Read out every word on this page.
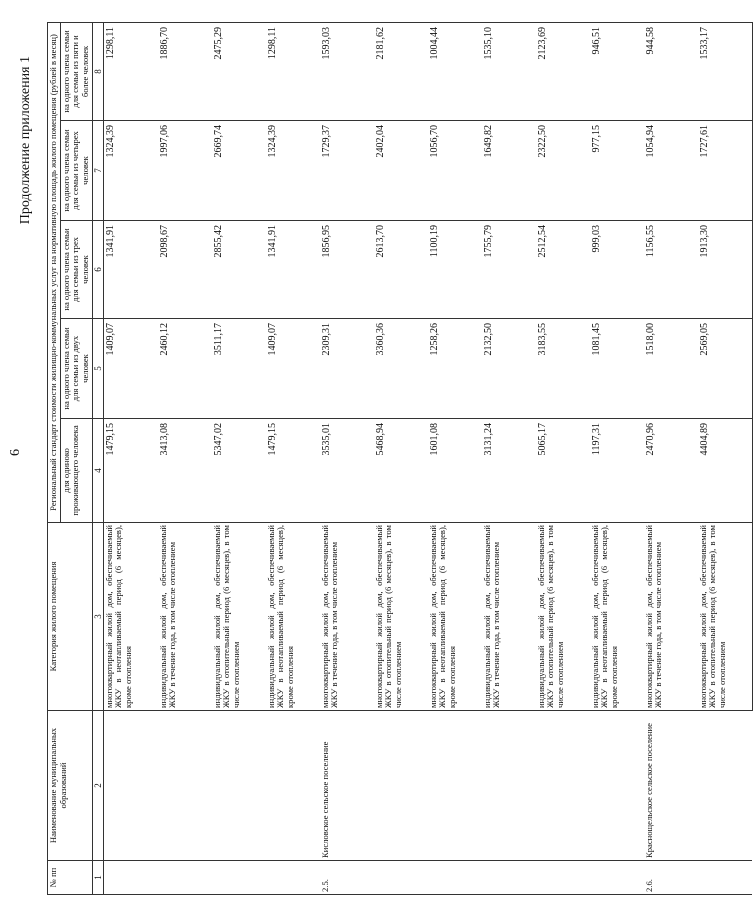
6
Продолжение приложения 1
№ пп	Наименование муниципальных образований	Категория жилого помещения	Региональный стандарт стоимости жилищно-коммунальных услуг на нормативную площадь жилого помещения (рублей в месяц)				
			для одиноко проживающего человека	на одного члена семьи для семьи из двух человек	на одного члена семьи для семьи из трех человек	на одного члена семьи для семьи из четырех человек	на одного члена семьи для семьи из пяти и более человек
1	2	3	4	5	6	7	8
		многоквартирный жилой дом, обеспечиваемый ЖКУ в неотапливаемый период (6 месяцев), кроме отопления	1479,15	1409,07	1341,91	1324,39	1298,11
		индивидуальный жилой дом, обеспечиваемый ЖКУ в течение года, в том числе отоплением	3413,08	2460,12	2098,67	1997,06	1886,70
		индивидуальный жилой дом, обеспечиваемый ЖКУ в отопительный период (6 месяцев), в том числе отоплением	5347,02	3511,17	2855,42	2669,74	2475,29
		индивидуальный жилой дом, обеспечиваемый ЖКУ в неотапливаемый период (6 месяцев), кроме отопления	1479,15	1409,07	1341,91	1324,39	1298,11
2.5.	Кисловское сельское поселение	многоквартирный жилой дом, обеспечиваемый ЖКУ в течение года, в том числе отоплением	3535,01	2309,31	1856,95	1729,37	1593,03
		многоквартирный жилой дом, обеспечиваемый ЖКУ в отопительный период (6 месяцев), в том числе отоплением	5468,94	3360,36	2613,70	2402,04	2181,62
		многоквартирный жилой дом, обеспечиваемый ЖКУ в неотапливаемый период (6 месяцев), кроме отопления	1601,08	1258,26	1100,19	1056,70	1004,44
		индивидуальный жилой дом, обеспечиваемый ЖКУ в течение года, в том числе отоплением	3131,24	2132,50	1755,79	1649,82	1535,10
		индивидуальный жилой дом, обеспечиваемый ЖКУ в отопительный период (6 месяцев), в том числе отоплением	5065,17	3183,55	2512,54	2322,50	2123,69
		индивидуальный жилой дом, обеспечиваемый ЖКУ в неотапливаемый период (6 месяцев), кроме отопления	1197,31	1081,45	999,03	977,15	946,51
2.6.	Краснощельское сельское поселение	многоквартирный жилой дом, обеспечиваемый ЖКУ в течение года, в том числе отоплением	2470,96	1518,00	1156,55	1054,94	944,58
		многоквартирный жилой дом, обеспечиваемый ЖКУ в отопительный период (6 месяцев), в том числе отоплением	4404,89	2569,05	1913,30	1727,61	1533,17
